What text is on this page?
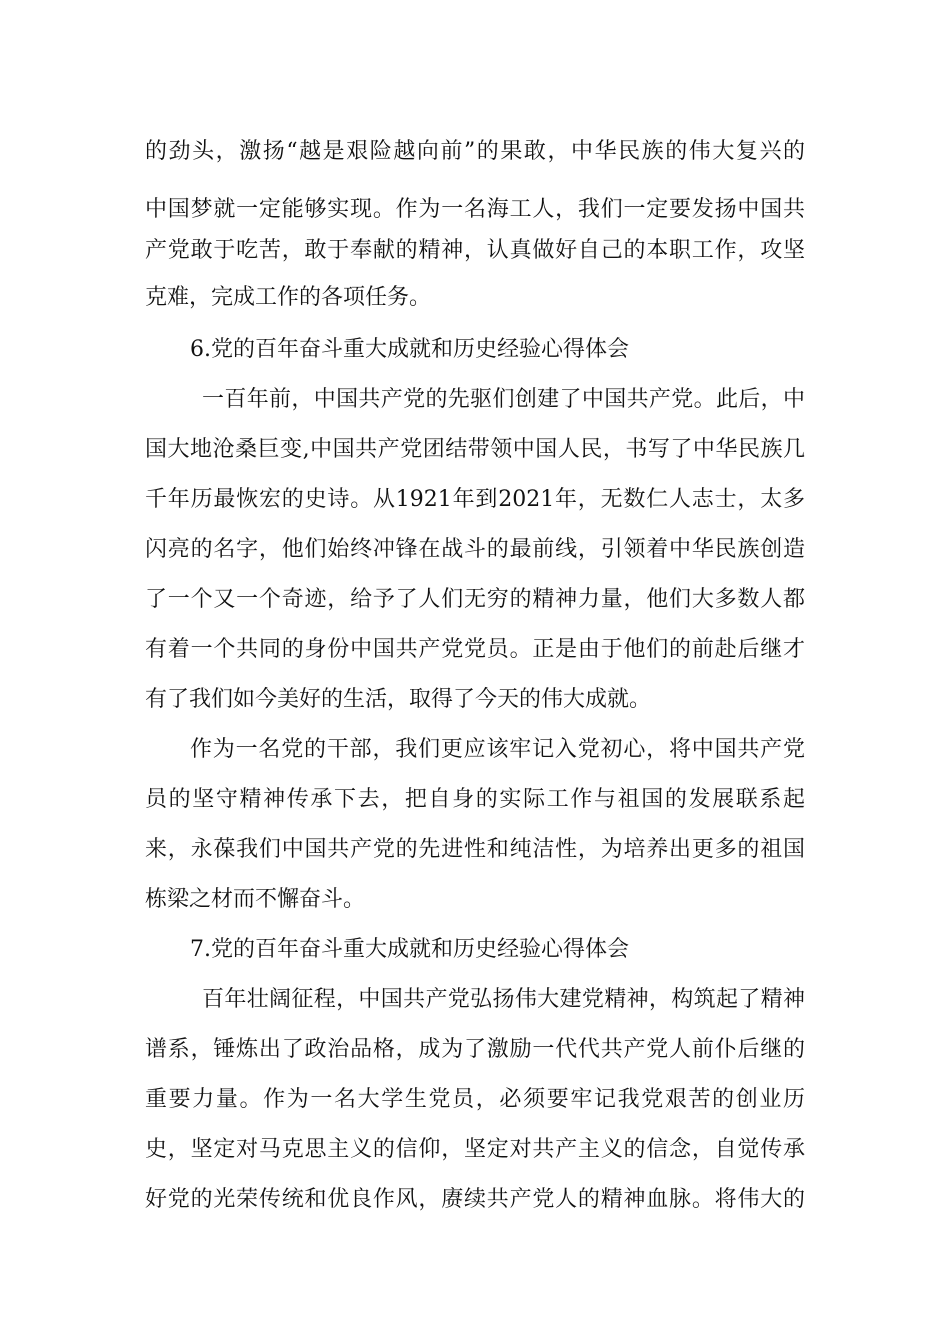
的劲头，激扬“越是艰险越向前”的果敢，中华民族的伟大复兴的
中国梦就一定能够实现。作为一名海工人，我们一定要发扬中国共
产党敢于吃苦，敢于奉献的精神，认真做好自己的本职工作，攻坚
克难，完成工作的各项任务。
6.党的百年奋斗重大成就和历史经验心得体会
一百年前，中国共产党的先驱们创建了中国共产党。此后，中
国大地沧桑巨变,中国共产党团结带领中国人民，书写了中华民族几
千年历最恢宏的史诗。从1921年到2021年，无数仁人志士，太多
闪亮的名字，他们始终冲锋在战斗的最前线，引领着中华民族创造
了一个又一个奇迹，给予了人们无穷的精神力量，他们大多数人都
有着一个共同的身份中国共产党党员。正是由于他们的前赴后继才
有了我们如今美好的生活，取得了今天的伟大成就。
作为一名党的干部，我们更应该牢记入党初心，将中国共产党
员的坚守精神传承下去，把自身的实际工作与祖国的发展联系起
来，永葆我们中国共产党的先进性和纯洁性，为培养出更多的祖国
栋梁之材而不懈奋斗。
7.党的百年奋斗重大成就和历史经验心得体会
百年壮阔征程，中国共产党弘扬伟大建党精神，构筑起了精神
谱系，锤炼出了政治品格，成为了激励一代代共产党人前仆后继的
重要力量。作为一名大学生党员，必须要牢记我党艰苦的创业历
史，坚定对马克思主义的信仰，坚定对共产主义的信念，自觉传承
好党的光荣传统和优良作风，赓续共产党人的精神血脉。将伟大的
